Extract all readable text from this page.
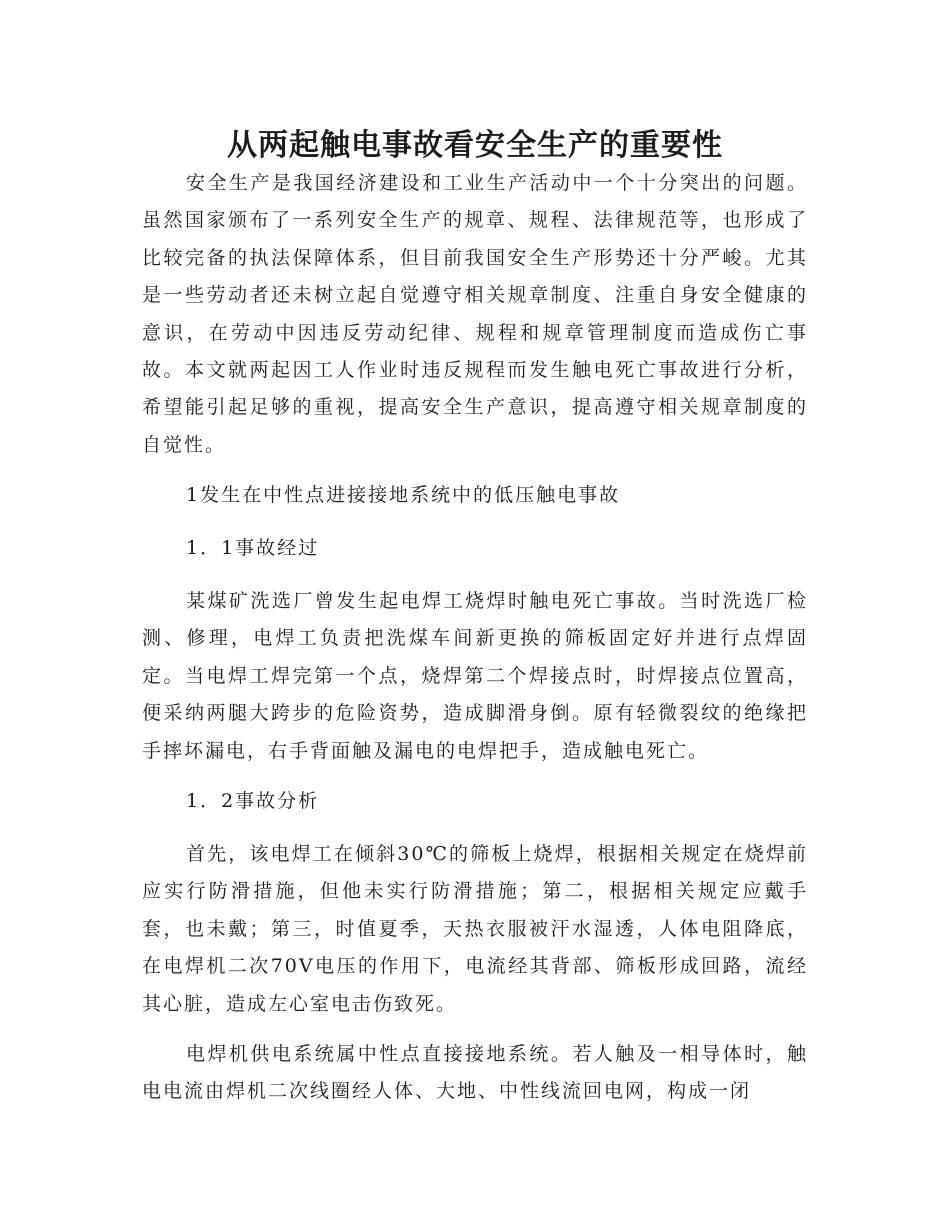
从两起触电事故看安全生产的重要性

安全生产是我国经济建设和工业生产活动中一个十分突出的问题。虽然国家颁布了一系列安全生产的规章、规程、法律规范等，也形成了比较完备的执法保障体系，但目前我国安全生产形势还十分严峻。尤其是一些劳动者还未树立起自觉遵守相关规章制度、注重自身安全健康的意识，在劳动中因违反劳动纪律、规程和规章管理制度而造成伤亡事故。本文就两起因工人作业时违反规程而发生触电死亡事故进行分析，希望能引起足够的重视，提高安全生产意识，提高遵守相关规章制度的自觉性。

1发生在中性点进接接地系统中的低压触电事故

1．1事故经过

某煤矿洗选厂曾发生起电焊工烧焊时触电死亡事故。当时洗选厂检测、修理，电焊工负责把洗煤车间新更换的筛板固定好并进行点焊固定。当电焊工焊完第一个点，烧焊第二个焊接点时，时焊接点位置高，便采纳两腿大跨步的危险资势，造成脚滑身倒。原有轻微裂纹的绝缘把手摔坏漏电，右手背面触及漏电的电焊把手，造成触电死亡。

1．2事故分析

首先，该电焊工在倾斜30℃的筛板上烧焊，根据相关规定在烧焊前应实行防滑措施，但他未实行防滑措施；第二，根据相关规定应戴手套，也未戴；第三，时值夏季，天热衣服被汗水湿透，人体电阻降底，在电焊机二次70V电压的作用下，电流经其背部、筛板形成回路，流经其心脏，造成左心室电击伤致死。

电焊机供电系统属中性点直接接地系统。若人触及一相导体时，触电电流由焊机二次线圈经人体、大地、中性线流回电网，构成一闭
